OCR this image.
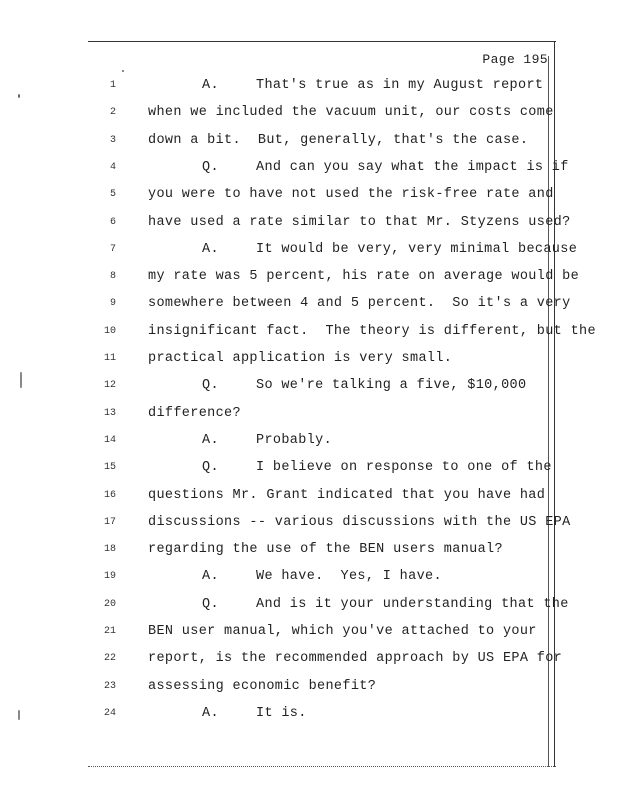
Page 195
1	A.	That's true as in my August report
2 when we included the vacuum unit, our costs come
3 down a bit.  But, generally, that's the case.
4	Q.	And can you say what the impact is if
5 you were to have not used the risk-free rate and
6 have used a rate similar to that Mr. Styzens used?
7	A.	It would be very, very minimal because
8 my rate was 5 percent, his rate on average would be
9 somewhere between 4 and 5 percent.  So it's a very
10 insignificant fact.  The theory is different, but the
11 practical application is very small.
12	Q.	So we're talking a five, $10,000
13 difference?
14	A.	Probably.
15	Q.	I believe on response to one of the
16 questions Mr. Grant indicated that you have had
17 discussions -- various discussions with the US EPA
18 regarding the use of the BEN users manual?
19	A.	We have.  Yes, I have.
20	Q.	And is it your understanding that the
21 BEN user manual, which you've attached to your
22 report, is the recommended approach by US EPA for
23 assessing economic benefit?
24	A.	It is.
